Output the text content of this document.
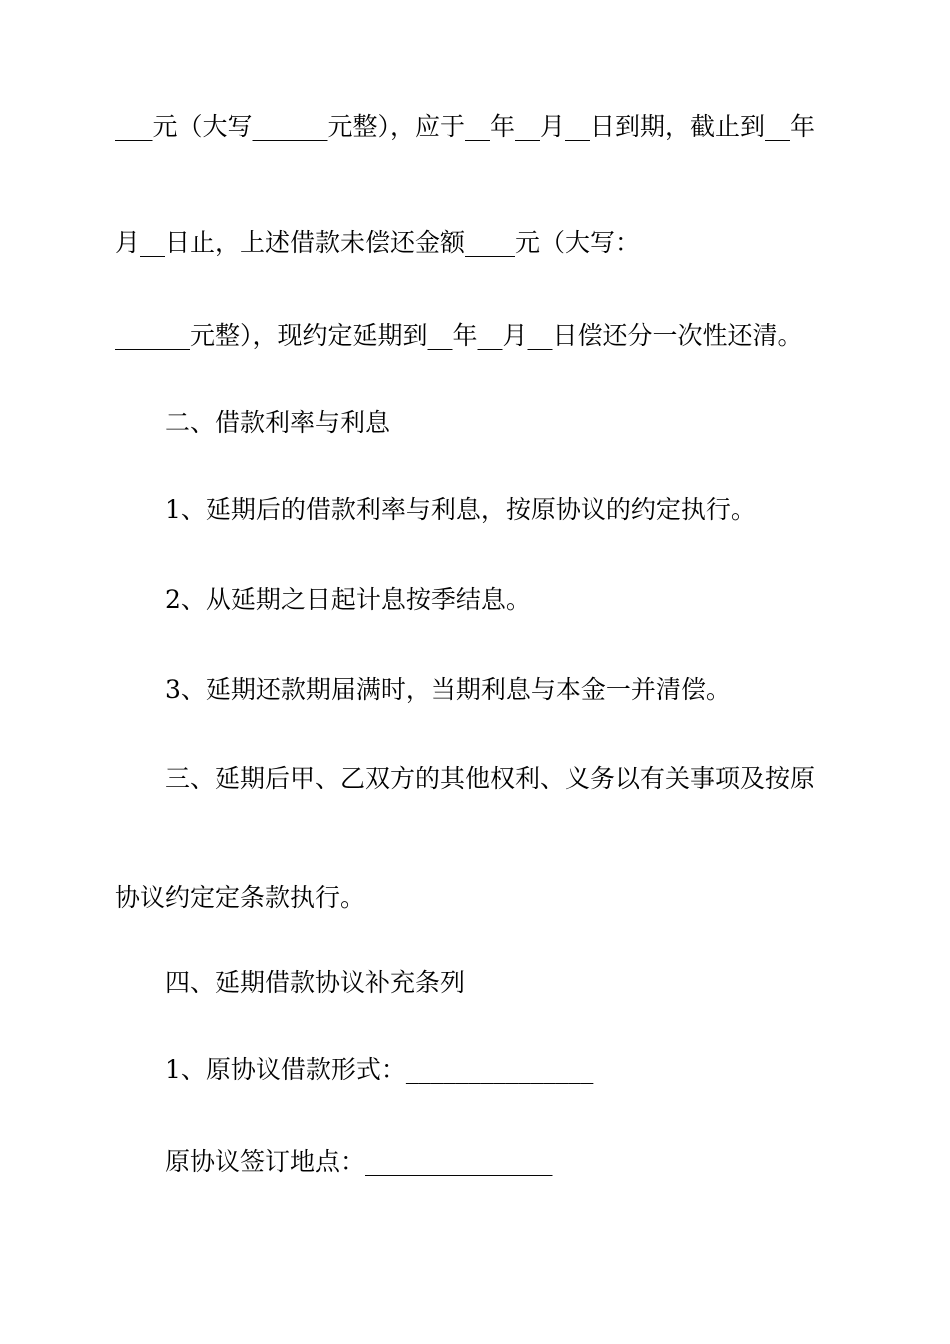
___元（大写______元整），应于__年__月__日到期，截止到__年
月__日止，上述借款未偿还金额____元（大写：
______元整），现约定延期到__年__月__日偿还分一次性还清。
二、借款利率与利息
1、延期后的借款利率与利息，按原协议的约定执行。
2、从延期之日起计息按季结息。
3、延期还款期届满时，当期利息与本金一并清偿。
三、延期后甲、乙双方的其他权利、义务以有关事项及按原
协议约定定条款执行。
四、延期借款协议补充条列
1、原协议借款形式：_______________
原协议签订地点：_______________
